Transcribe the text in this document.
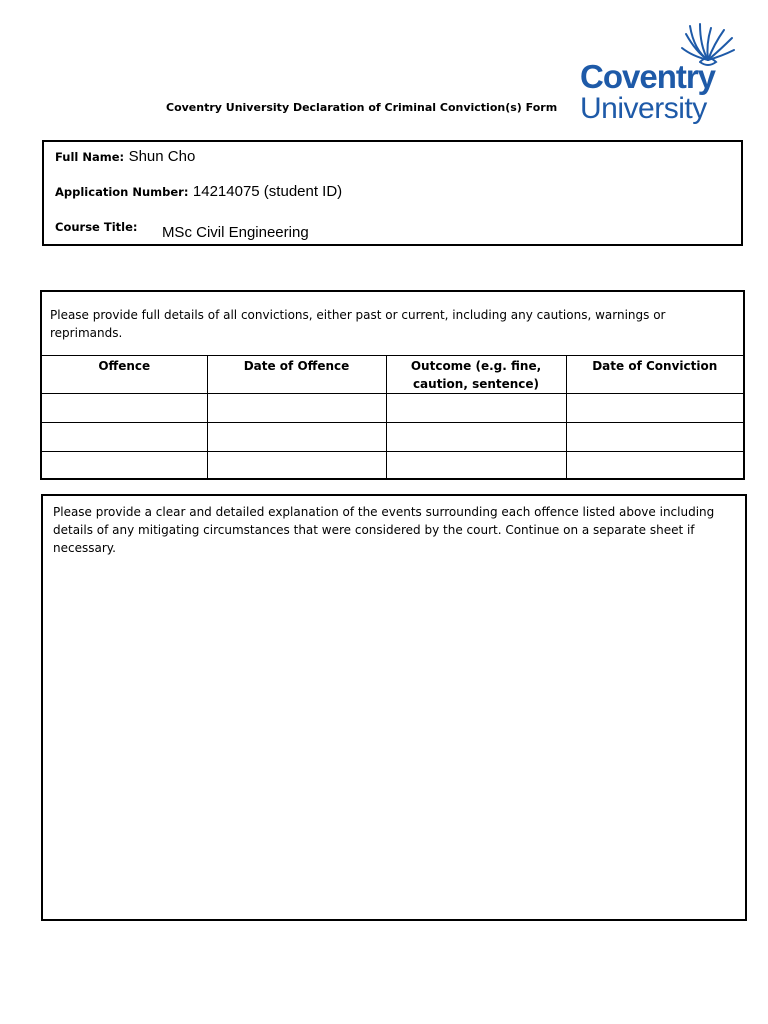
Coventry
University
Coventry University Declaration of Criminal Conviction(s) Form
Full Name: Shun Cho
Application Number: 14214075 (student ID)
$^{Course Title:}$ MSc Civil Engineering
Please provide full details of all convictions, either past or current, including any cautions, warnings or reprimands.
Offence	Date of Offence	Outcome (e.g. fine, caution, sentence)	Date of Conviction

Please provide a clear and detailed explanation of the events surrounding each offence listed above including details of any mitigating circumstances that were considered by the court. Continue on a separate sheet if necessary.
